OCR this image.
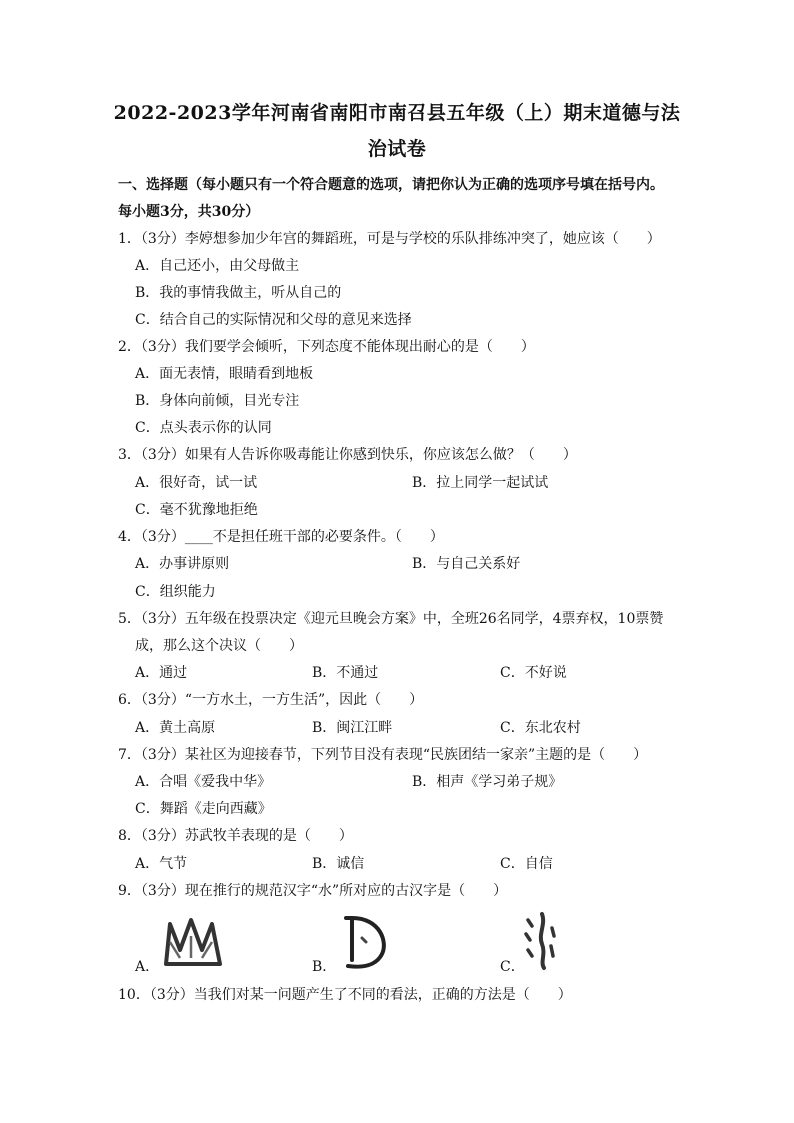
2022-2023学年河南省南阳市南召县五年级（上）期末道德与法
治试卷
一、选择题（每小题只有一个符合题意的选项，请把你认为正确的选项序号填在括号内。
每小题3分，共30分）
1．（3分）李婷想参加少年宫的舞蹈班，可是与学校的乐队排练冲突了，她应该（　　）
A．自己还小，由父母做主
B．我的事情我做主，听从自己的
C．结合自己的实际情况和父母的意见来选择
2．（3分）我们要学会倾听，下列态度不能体现出耐心的是（　　）
A．面无表情，眼睛看到地板
B．身体向前倾，目光专注
C．点头表示你的认同
3．（3分）如果有人告诉你吸毒能让你感到快乐，你应该怎么做？（　　）
A．很好奇，试一试	B．拉上同学一起试试
C．毫不犹豫地拒绝
4．（3分）____不是担任班干部的必要条件。（　　）
A．办事讲原则	B．与自己关系好
C．组织能力
5．（3分）五年级在投票决定《迎元旦晚会方案》中，全班26名同学，4票弃权，10票赞
成，那么这个决议（　　）
A．通过	B．不通过	C．不好说
6．（3分）“一方水土，一方生活”，因此（　　）
A．黄土高原	B．闽江江畔	C．东北农村
7．（3分）某社区为迎接春节，下列节目没有表现“民族团结一家亲”主题的是（　　）
A．合唱《爱我中华》	B．相声《学习弟子规》
C．舞蹈《走向西藏》
8．（3分）苏武牧羊表现的是（　　）
A．气节	B．诚信	C．自信
9．（3分）现在推行的规范汉字“水”所对应的古汉字是（　　）
A．	B．	C．
10．（3分）当我们对某一问题产生了不同的看法，正确的方法是（　　）
